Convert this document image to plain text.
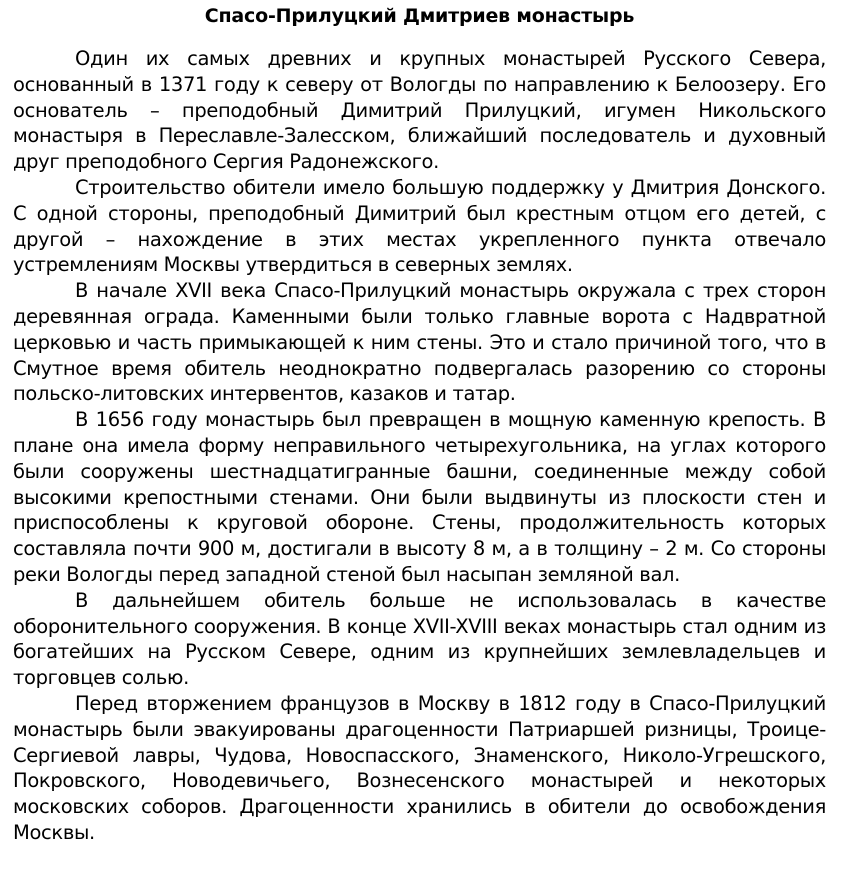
Спасо-Прилуцкий Дмитриев монастырь

Один их самых древних и крупных монастырей Русского Севера, основанный в 1371 году к северу от Вологды по направлению к Белоозеру. Его основатель – преподобный Димитрий Прилуцкий, игумен Никольского монастыря в Переславле-Залесском, ближайший последователь и духовный друг преподобного Сергия Радонежского.

Строительство обители имело большую поддержку у Дмитрия Донского. С одной стороны, преподобный Димитрий был крестным отцом его детей, с другой – нахождение в этих местах укрепленного пункта отвечало устремлениям Москвы утвердиться в северных землях.

В начале XVII века Спасо-Прилуцкий монастырь окружала с трех сторон деревянная ограда. Каменными были только главные ворота с Надвратной церковью и часть примыкающей к ним стены. Это и стало причиной того, что в Смутное время обитель неоднократно подвергалась разорению со стороны польско-литовских интервентов, казаков и татар.

В 1656 году монастырь был превращен в мощную каменную крепость. В плане она имела форму неправильного четырехугольника, на углах которого были сооружены шестнадцатигранные башни, соединенные между собой высокими крепостными стенами. Они были выдвинуты из плоскости стен и приспособлены к круговой обороне. Стены, продолжительность которых составляла почти 900 м, достигали в высоту 8 м, а в толщину – 2 м. Со стороны реки Вологды перед западной стеной был насыпан земляной вал.

В дальнейшем обитель больше не использовалась в качестве оборонительного сооружения. В конце XVII-XVIII веках монастырь стал одним из богатейших на Русском Севере, одним из крупнейших землевладельцев и торговцев солью.

Перед вторжением французов в Москву в 1812 году в Спасо-Прилуцкий монастырь были эвакуированы драгоценности Патриаршей ризницы, Троице-Сергиевой лавры, Чудова, Новоспасского, Знаменского, Николо-Угрешского, Покровского, Новодевичьего, Вознесенского монастырей и некоторых московских соборов. Драгоценности хранились в обители до освобождения Москвы.
